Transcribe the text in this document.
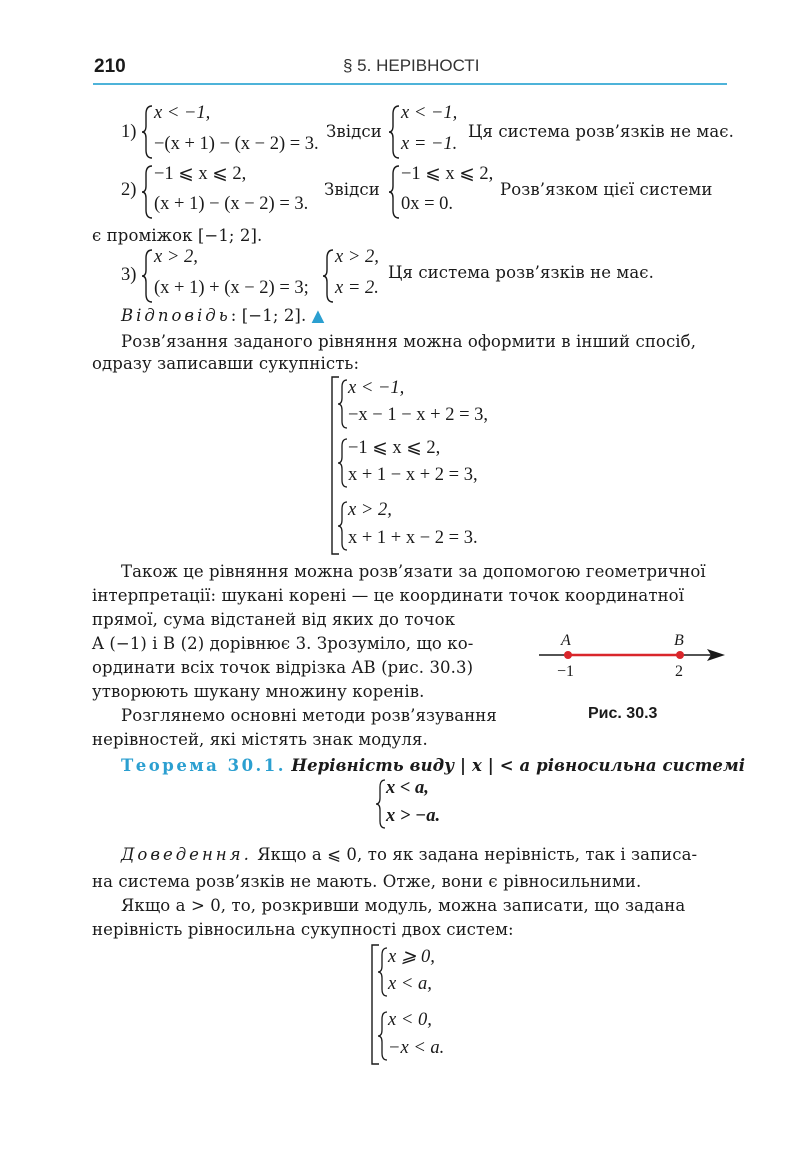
210	§ 5. НЕРІВНОСТІ
1)
x < −1,
−(x + 1) − (x − 2) = 3.
Звідси
x < −1,
x = −1.
Ця система розв’язків не має.
2)
−1 ⩽ x ⩽ 2,
(x + 1) − (x − 2) = 3.
Звідси
−1 ⩽ x ⩽ 2,
0x = 0.
Розв’язком цієї системи
є проміжок [−1; 2].
3)
x > 2,
(x + 1) + (x − 2) = 3;
x > 2,
x = 2.
Ця система розв’язків не має.
Відповідь: [−1; 2]. ▲
Розв’язання заданого рівняння можна оформити в інший спосіб,
одразу записавши сукупність:
x < −1,
−x − 1 − x + 2 = 3,
−1 ⩽ x ⩽ 2,
x + 1 − x + 2 = 3,
x > 2,
x + 1 + x − 2 = 3.
Також це рівняння можна розв’язати за допомогою геометричної
інтерпретації: шукані корені — це координати точок координатної
прямої, сума відстаней від яких до точок
A (−1) і B (2) дорівнює 3. Зрозуміло, що ко-
ординати всіх точок відрізка AB (рис. 30.3)
утворюють шукану множину коренів.
Розглянемо основні методи розв’язування
нерівностей, які містять знак модуля.
A	B
−1	2
Рис. 30.3
Теорема 30.1. Нерівність виду | x | < a рівносильна системі
x < a,
x > −a.
Доведення. Якщо a ⩽ 0, то як задана нерівність, так і записа-
на система розв’язків не мають. Отже, вони є рівносильними.
Якщо a > 0, то, розкривши модуль, можна записати, що задана
нерівність рівносильна сукупності двох систем:
x ⩾ 0,
x < a,
x < 0,
−x < a.
